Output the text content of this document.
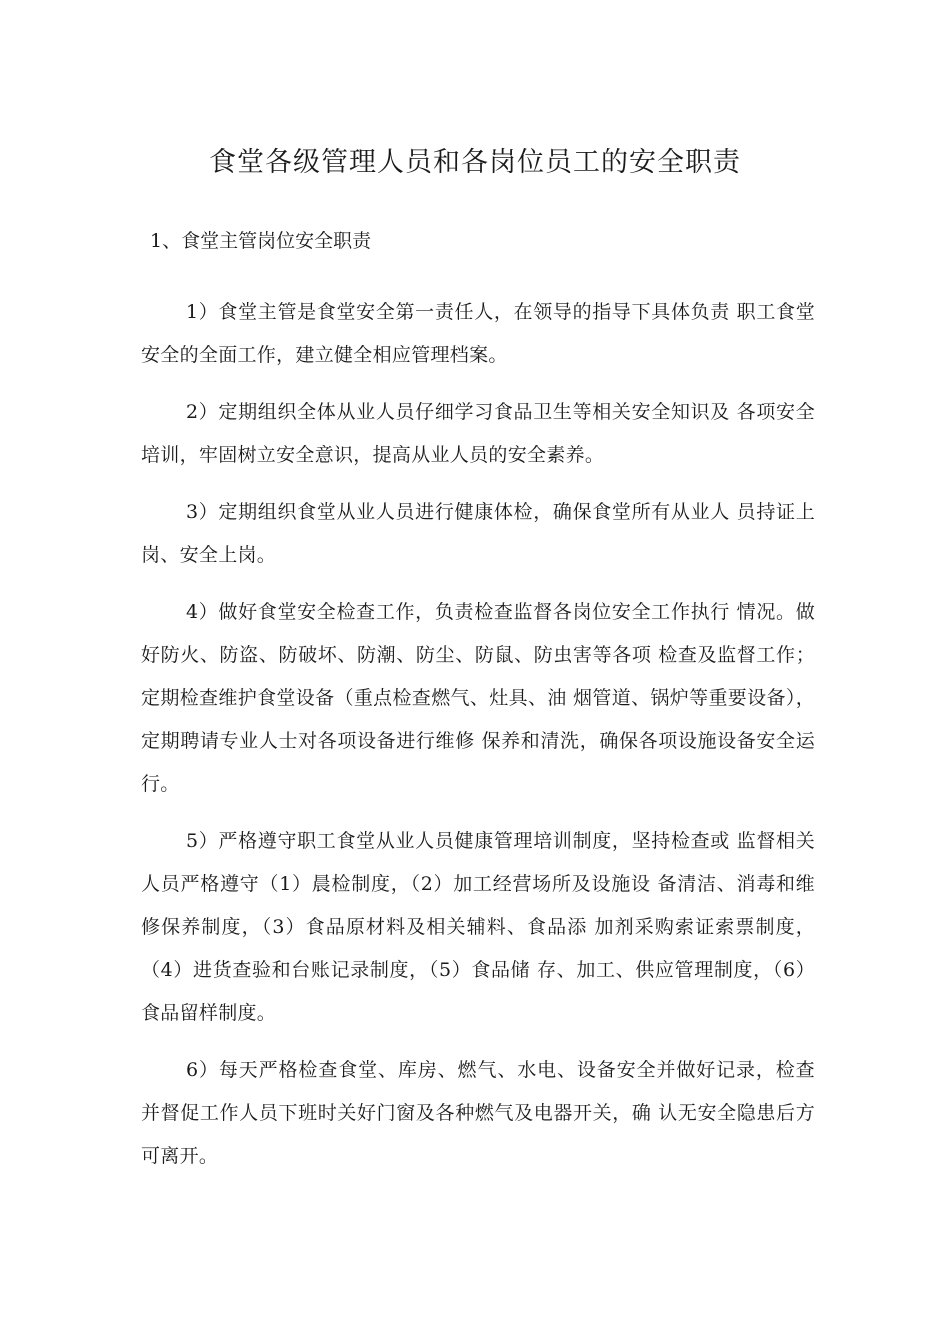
食堂各级管理人员和各岗位员工的安全职责
1、食堂主管岗位安全职责

1）食堂主管是食堂安全第一责任人，在领导的指导下具体负责 职工食堂安全的全面工作，建立健全相应管理档案。

2）定期组织全体从业人员仔细学习食品卫生等相关安全知识及 各项安全培训，牢固树立安全意识，提高从业人员的安全素养。

3）定期组织食堂从业人员进行健康体检，确保食堂所有从业人 员持证上岗、安全上岗。

4）做好食堂安全检查工作，负责检查监督各岗位安全工作执行 情况。做好防火、防盗、防破坏、防潮、防尘、防鼠、防虫害等各项 检查及监督工作；定期检查维护食堂设备（重点检查燃气、灶具、油 烟管道、锅炉等重要设备），定期聘请专业人士对各项设备进行维修 保养和清洗，确保各项设施设备安全运行。

5）严格遵守职工食堂从业人员健康管理培训制度，坚持检查或 监督相关人员严格遵守（1）晨检制度，（2）加工经营场所及设施设 备清洁、消毒和维修保养制度，（3）食品原材料及相关辅料、食品添 加剂采购索证索票制度，（4）进货查验和台账记录制度，（5）食品储 存、加工、供应管理制度，（6）食品留样制度。

6）每天严格检查食堂、库房、燃气、水电、设备安全并做好记录，检查并督促工作人员下班时关好门窗及各种燃气及电器开关，确 认无安全隐患后方可离开。
